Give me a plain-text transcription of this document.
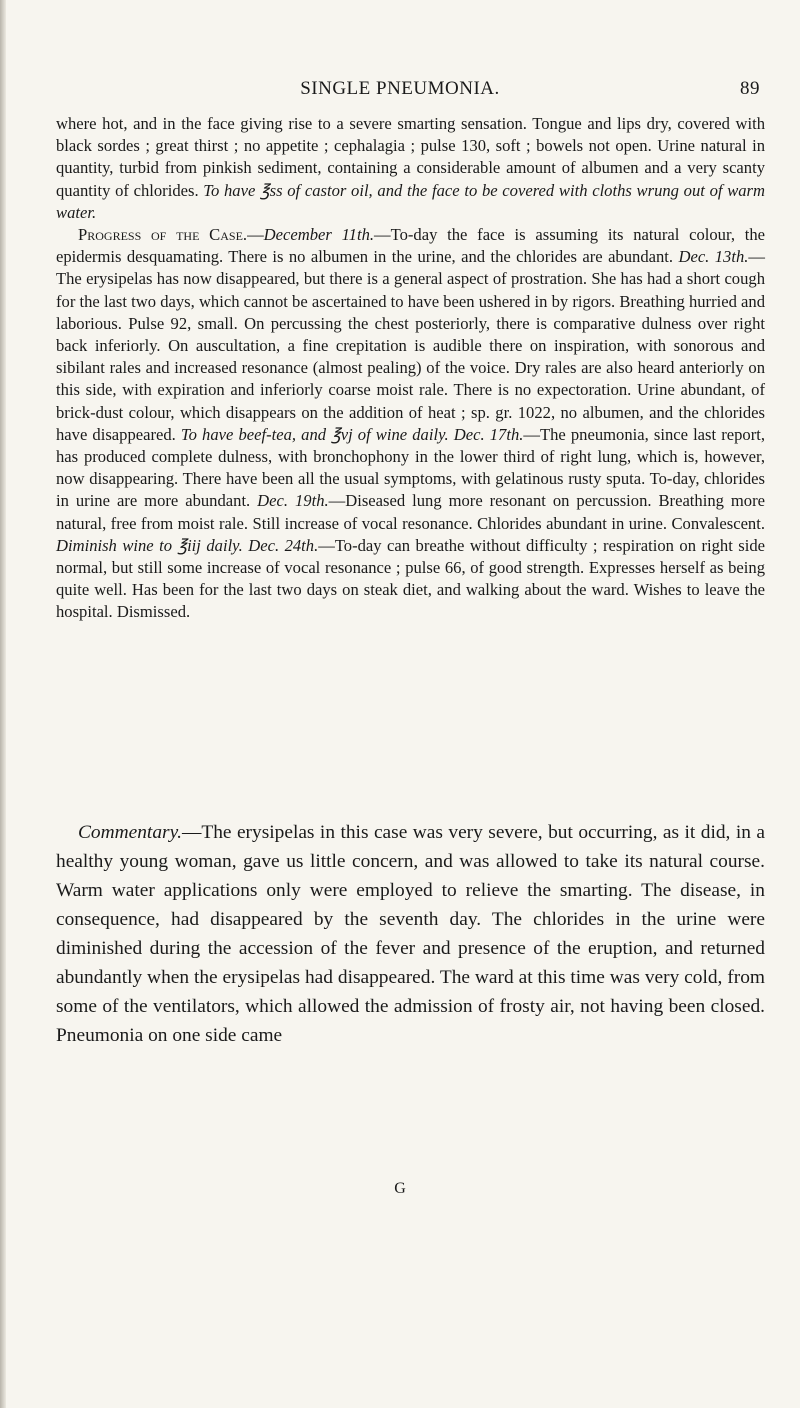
SINGLE PNEUMONIA.	89

where hot, and in the face giving rise to a severe smarting sensation. Tongue and lips dry, covered with black sordes ; great thirst ; no appetite ; cephalagia ; pulse 130, soft ; bowels not open. Urine natural in quantity, turbid from pinkish sediment, containing a considerable amount of albumen and a very scanty quantity of chlorides. To have ℥ss of castor oil, and the face to be covered with cloths wrung out of warm water.

Progress of the Case.—December 11th.—To-day the face is assuming its natural colour, the epidermis desquamating. There is no albumen in the urine, and the chlorides are abundant. Dec. 13th.— The erysipelas has now disappeared, but there is a general aspect of prostration. She has had a short cough for the last two days, which cannot be ascertained to have been ushered in by rigors. Breathing hurried and laborious. Pulse 92, small. On percussing the chest posteriorly, there is comparative dulness over right back inferiorly. On auscultation, a fine crepitation is audible there on inspiration, with sonorous and sibilant rales and increased resonance (almost pealing) of the voice. Dry rales are also heard anteriorly on this side, with expiration and inferiorly coarse moist rale. There is no expectoration. Urine abundant, of brick-dust colour, which disappears on the addition of heat ; sp. gr. 1022, no albumen, and the chlorides have disappeared. To have beef-tea, and ℥vj of wine daily. Dec. 17th.—The pneumonia, since last report, has produced complete dulness, with bronchophony in the lower third of right lung, which is, however, now disappearing. There have been all the usual symptoms, with gelatinous rusty sputa. To-day, chlorides in urine are more abundant. Dec. 19th.—Diseased lung more resonant on percussion. Breathing more natural, free from moist rale. Still increase of vocal resonance. Chlorides abundant in urine. Convalescent. Diminish wine to ℥iij daily. Dec. 24th.—To-day can breathe without difficulty ; respiration on right side normal, but still some increase of vocal resonance ; pulse 66, of good strength. Expresses herself as being quite well. Has been for the last two days on steak diet, and walking about the ward. Wishes to leave the hospital. Dismissed.

Commentary.—The erysipelas in this case was very severe, but occurring, as it did, in a healthy young woman, gave us little concern, and was allowed to take its natural course. Warm water applications only were employed to relieve the smarting. The disease, in consequence, had disappeared by the seventh day. The chlorides in the urine were diminished during the accession of the fever and presence of the eruption, and returned abundantly when the erysipelas had disappeared. The ward at this time was very cold, from some of the ventilators, which allowed the admission of frosty air, not having been closed. Pneumonia on one side came

G
